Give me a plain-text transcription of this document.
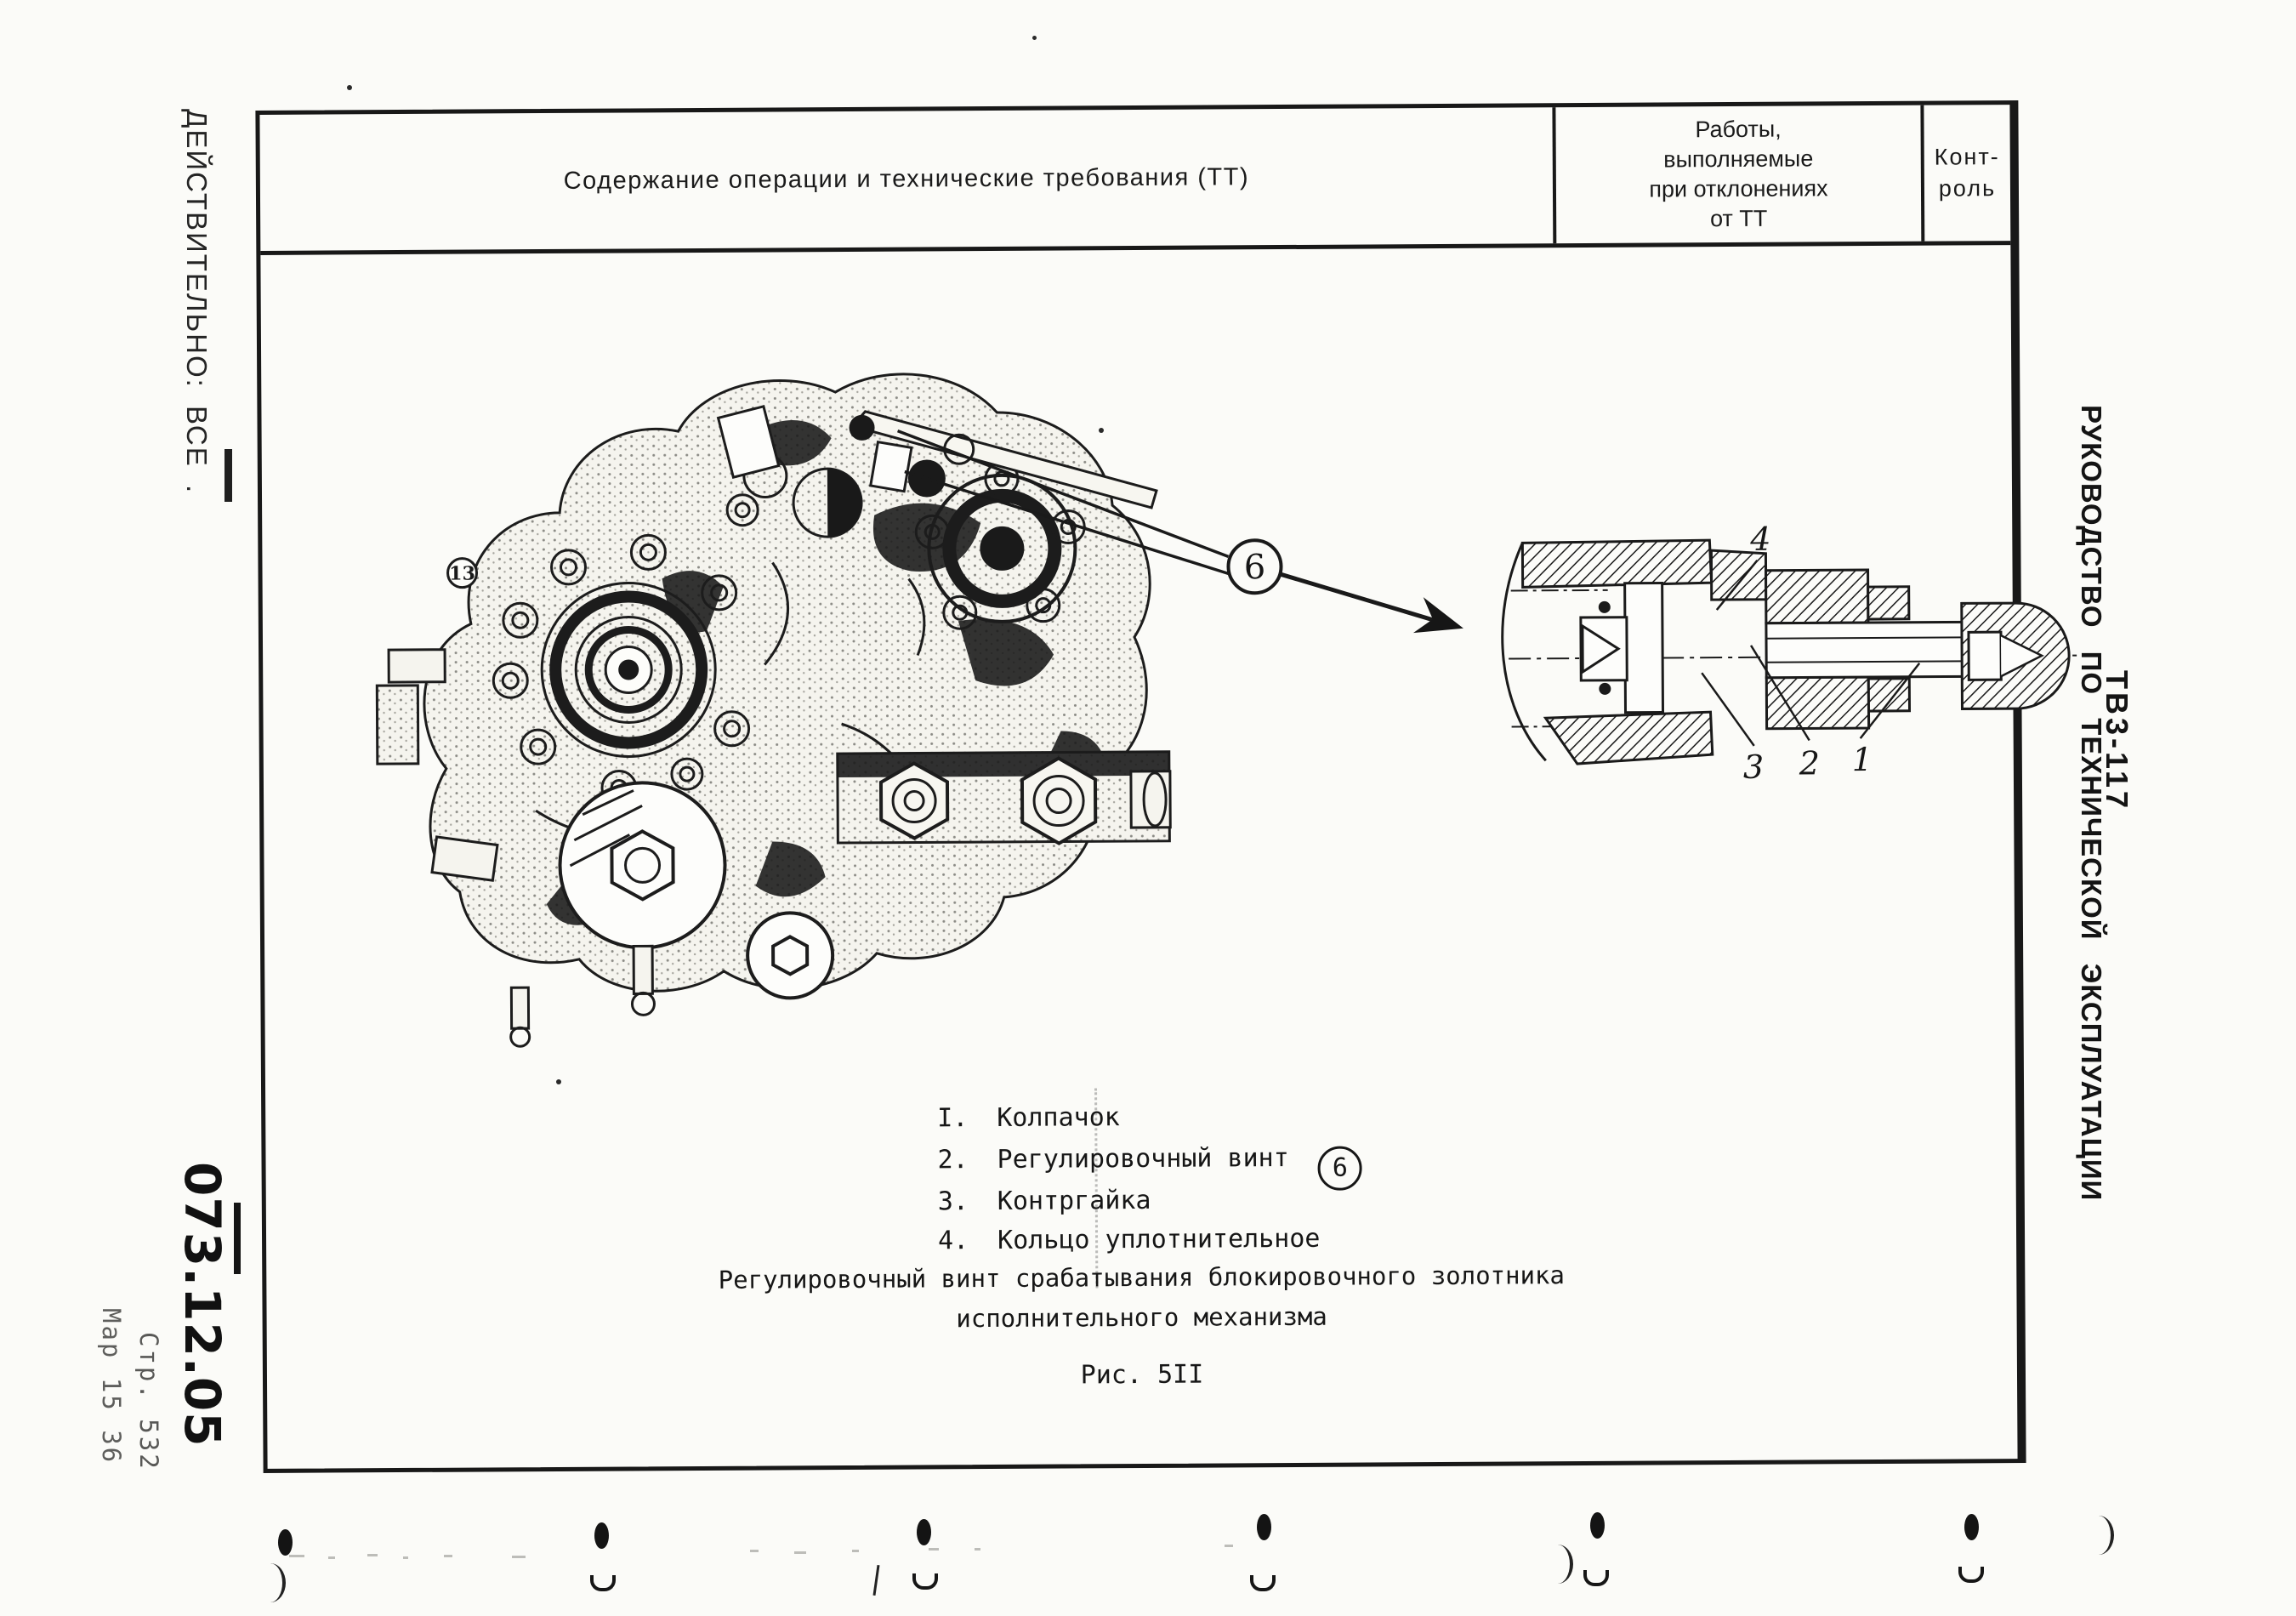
Содержание операции и технические требования (ТТ)
Работы,
выполняемые
при отклонениях
от ТТ
Конт-
роль
13	6
4
3 2 1
I. Колпачок
2. Регулировочный винт 6
3. Контргайка
4. Кольцо уплотнительное
Регулировочный винт срабатывания блокировочного золотника
исполнительного механизма
Рис. 5II
ДЕЙСТВИТЕЛЬНО: ВСЕ .
073.12.05
Стр. 532
Мар 15 36
РУКОВОДСТВО ПО ТЕХНИЧЕСКОЙ ЭКСПЛУАТАЦИИ
ТВ3-117
